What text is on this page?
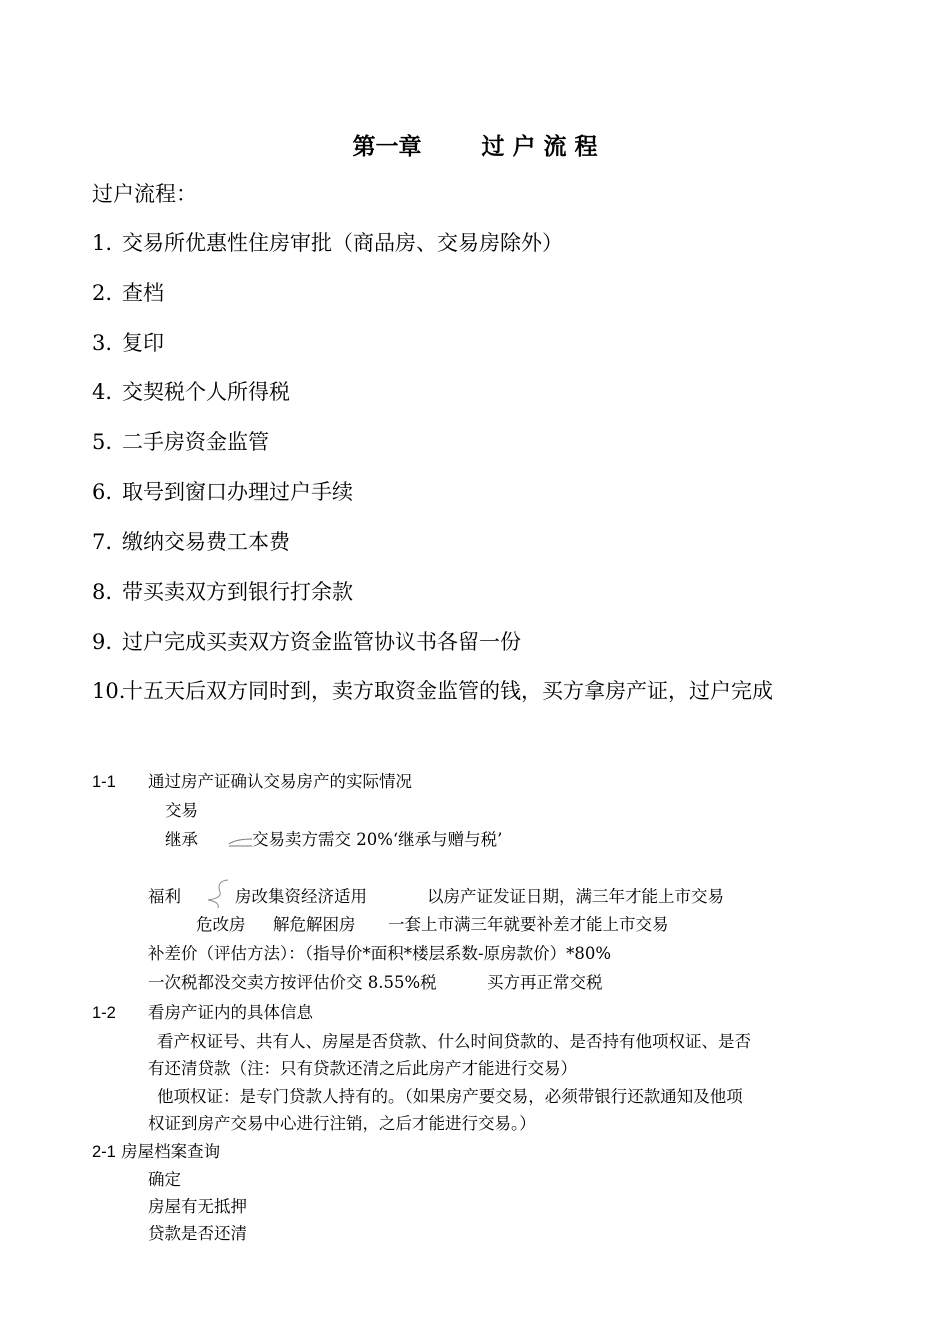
第一章	过 户 流 程
过户流程：
1. 交易所优惠性住房审批（商品房、交易房除外）
2. 查档
3. 复印
4. 交契税个人所得税
5. 二手房资金监管
6. 取号到窗口办理过户手续
7. 缴纳交易费工本费
8. 带买卖双方到银行打余款
9. 过户完成买卖双方资金监管协议书各留一份
10.十五天后双方同时到，卖方取资金监管的钱，买方拿房产证，过户完成
1-1 通过房产证确认交易房产的实际情况
交易
继承	交易卖方需交 20%‘继承与赠与税’
福利	房改集资经济适用	以房产证发证日期，满三年才能上市交易
危改房 解危解困房 一套上市满三年就要补差才能上市交易
补差价（评估方法）：（指导价*面积*楼层系数-原房款价）*80%
一次税都没交卖方按评估价交 8.55%税	买方再正常交税
1-2 看房产证内的具体信息
看产权证号、共有人、房屋是否贷款、什么时间贷款的、是否持有他项权证、是否
有还清贷款（注：只有贷款还清之后此房产才能进行交易）
他项权证：是专门贷款人持有的。（如果房产要交易，必须带银行还款通知及他项
权证到房产交易中心进行注销，之后才能进行交易。）
2-1 房屋档案查询
确定
房屋有无抵押
贷款是否还清
